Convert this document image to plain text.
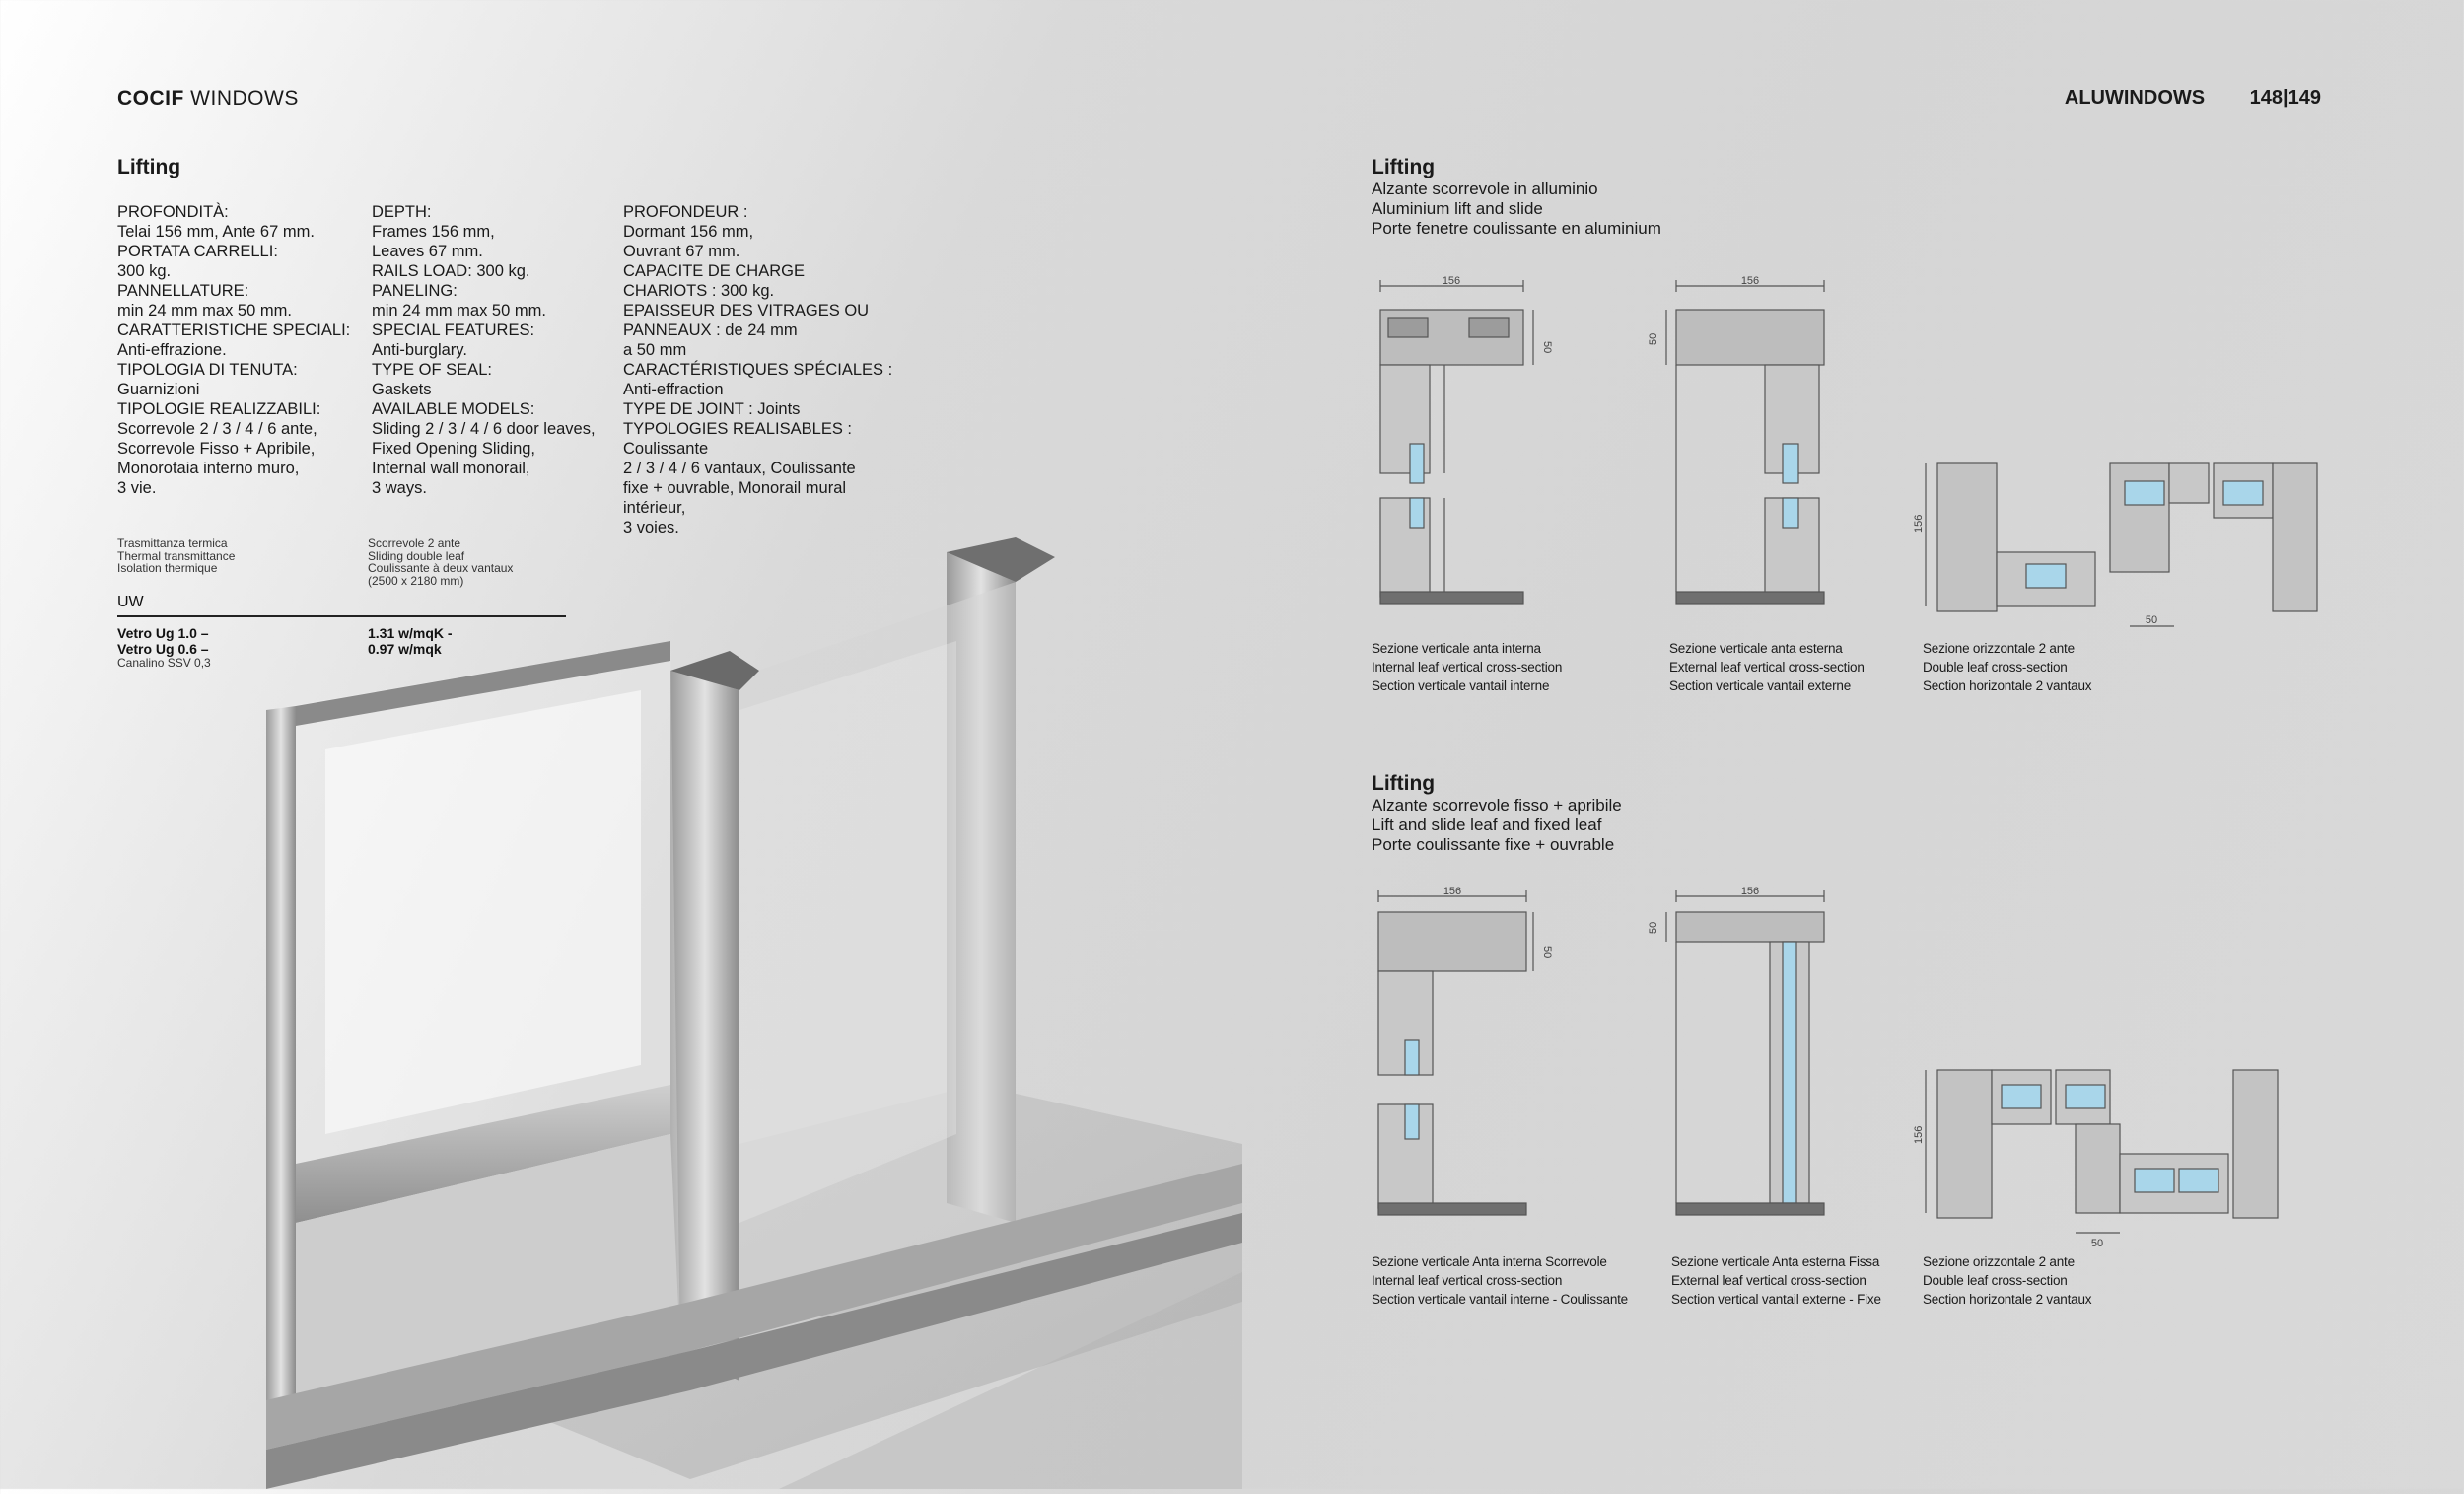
COCIF WINDOWS	ALUWINDOWS 148|149
Lifting
PROFONDITÀ:
Telai 156 mm, Ante 67 mm.
PORTATA CARRELLI:
300 kg.
PANNELLATURE:
min 24 mm max 50 mm.
CARATTERISTICHE SPECIALI:
Anti-effrazione.
TIPOLOGIA DI TENUTA:
Guarnizioni
TIPOLOGIE REALIZZABILI:
Scorrevole 2 / 3 / 4 / 6 ante,
Scorrevole Fisso + Apribile,
Monorotaia interno muro,
3 vie.
DEPTH:
Frames 156 mm,
Leaves 67 mm.
RAILS LOAD: 300 kg.
PANELING:
min 24 mm max 50 mm.
SPECIAL FEATURES:
Anti-burglary.
TYPE OF SEAL:
Gaskets
AVAILABLE MODELS:
Sliding 2 / 3 / 4 / 6 door leaves,
Fixed Opening Sliding,
Internal wall monorail,
3 ways.
PROFONDEUR :
Dormant 156 mm,
Ouvrant 67 mm.
CAPACITE DE CHARGE
CHARIOTS : 300 kg.
EPAISSEUR DES VITRAGES OU
PANNEAUX : de 24 mm
a 50 mm
CARACTÉRISTIQUES SPÉCIALES :
Anti-effraction
TYPE DE JOINT : Joints
TYPOLOGIES REALISABLES :
Coulissante
2 / 3 / 4 / 6 vantaux, Coulissante
fixe + ouvrable, Monorail mural
intérieur,
3 voies.
Trasmittanza termica
Thermal transmittance
Isolation thermique
Scorrevole 2 ante
Sliding double leaf
Coulissante à deux vantaux
(2500 x 2180 mm)
UW
Vetro Ug 1.0 –
Vetro Ug 0.6 –
Canalino SSV 0,3
1.31 w/mqK -
0.97 w/mqk
Lifting
Alzante scorrevole in alluminio
Aluminium lift and slide
Porte fenetre coulissante en aluminium
156
50
156
50
156
50
Sezione verticale anta interna
Internal leaf vertical cross-section
Section verticale vantail interne
Sezione verticale anta esterna
External leaf vertical cross-section
Section verticale vantail externe
Sezione orizzontale 2 ante
Double leaf cross-section
Section horizontale 2 vantaux
Lifting
Alzante scorrevole fisso + apribile
Lift and slide leaf and fixed leaf
Porte coulissante fixe + ouvrable
156
50
156
50
156
50
Sezione verticale Anta interna Scorrevole
Internal leaf vertical cross-section
Section verticale vantail interne - Coulissante
Sezione verticale Anta esterna Fissa
External leaf vertical cross-section
Section vertical vantail externe - Fixe
Sezione orizzontale 2 ante
Double leaf cross-section
Section horizontale 2 vantaux
